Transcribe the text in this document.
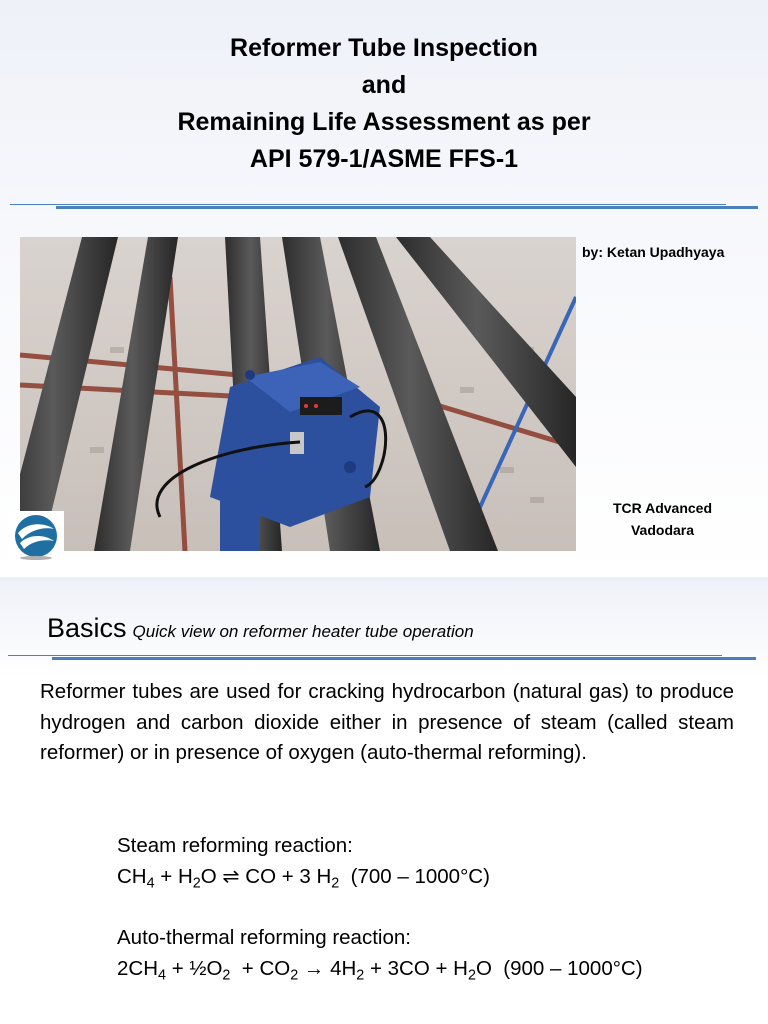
Reformer Tube Inspection
and
Remaining Life Assessment as per
API 579-1/ASME FFS-1
by: Ketan Upadhyaya
TCR Advanced
Vadodara
Basics Quick view on reformer heater tube operation
Reformer tubes are used for cracking hydrocarbon (natural gas) to produce hydrogen and carbon dioxide either in presence of steam (called steam reformer) or in presence of oxygen (auto-thermal reforming).
Steam reforming reaction:
$CH_4 + H_2O$ ⇌ CO + 3 $H_2$  (700 – 1000°C)
Auto-thermal reforming reaction:
$2CH_4$ + $\frac{1}{2}O_2 + CO_2 \to 4H_2 + 3CO + H_2O$  (900 – 1000°C)
